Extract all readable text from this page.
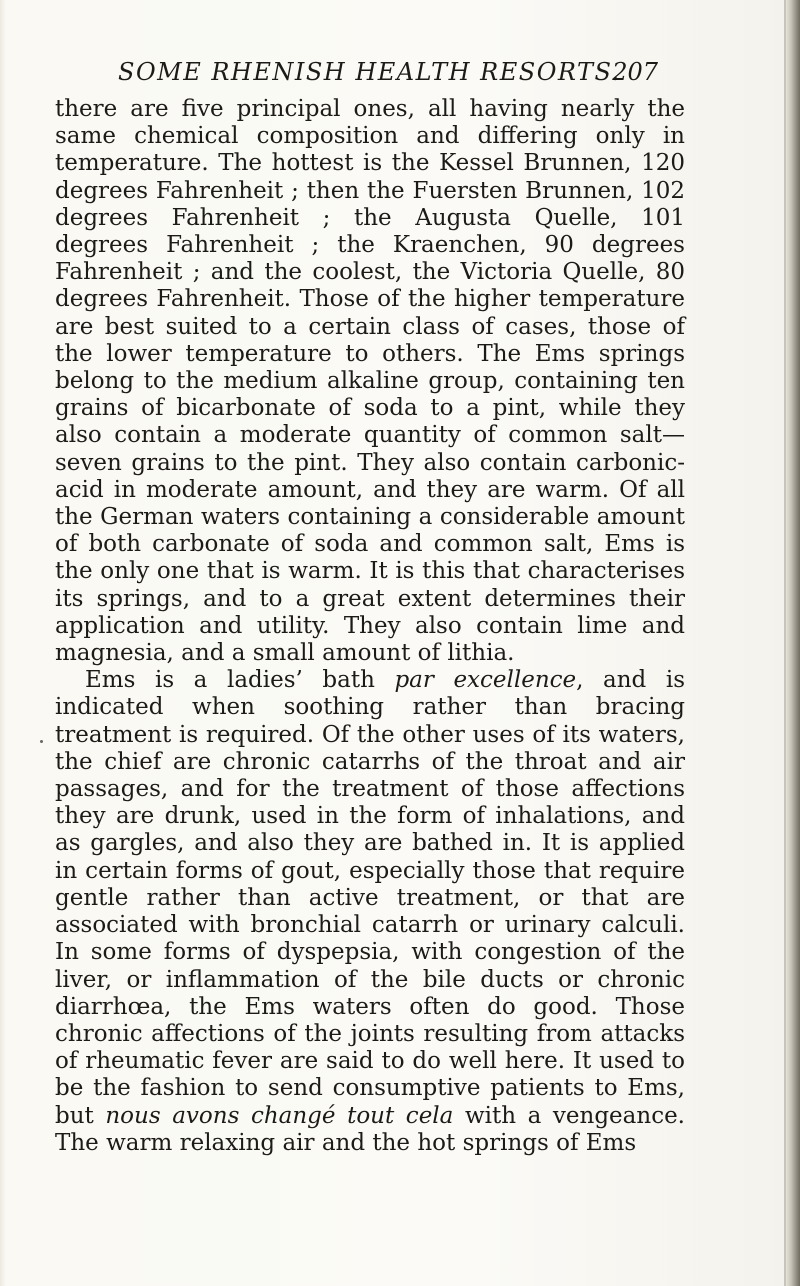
SOME RHENISH HEALTH RESORTS.
207

there are five principal ones, all having nearly the same chemical composition and differing only in temperature. The hottest is the Kessel Brunnen, 120 degrees Fahrenheit ; then the Fuersten Brunnen, 102 degrees Fahrenheit ; the Augusta Quelle, 101 degrees Fahrenheit ; the Kraenchen, 90 degrees Fahrenheit ; and the coolest, the Victoria Quelle, 80 degrees Fahrenheit. Those of the higher temperature are best suited to a certain class of cases, those of the lower temperature to others. The Ems springs belong to the medium alkaline group, containing ten grains of bicarbonate of soda to a pint, while they also contain a moderate quantity of common salt—seven grains to the pint. They also contain carbonic-acid in moderate amount, and they are warm. Of all the German waters containing a considerable amount of both carbonate of soda and common salt, Ems is the only one that is warm. It is this that characterises its springs, and to a great extent determines their application and utility. They also contain lime and magnesia, and a small amount of lithia.

Ems is a ladies’ bath par excellence, and is indicated when soothing rather than bracing treatment is required. Of the other uses of its waters, the chief are chronic catarrhs of the throat and air passages, and for the treatment of those affections they are drunk, used in the form of inhalations, and as gargles, and also they are bathed in. It is applied in certain forms of gout, especially those that require gentle rather than active treatment, or that are associated with bronchial catarrh or urinary calculi. In some forms of dyspepsia, with congestion of the liver, or inflammation of the bile ducts or chronic diarrhœa, the Ems waters often do good. Those chronic affections of the joints resulting from attacks of rheumatic fever are said to do well here. It used to be the fashion to send consumptive patients to Ems, but nous avons changé tout cela with a vengeance. The warm relaxing air and the hot springs of Ems
